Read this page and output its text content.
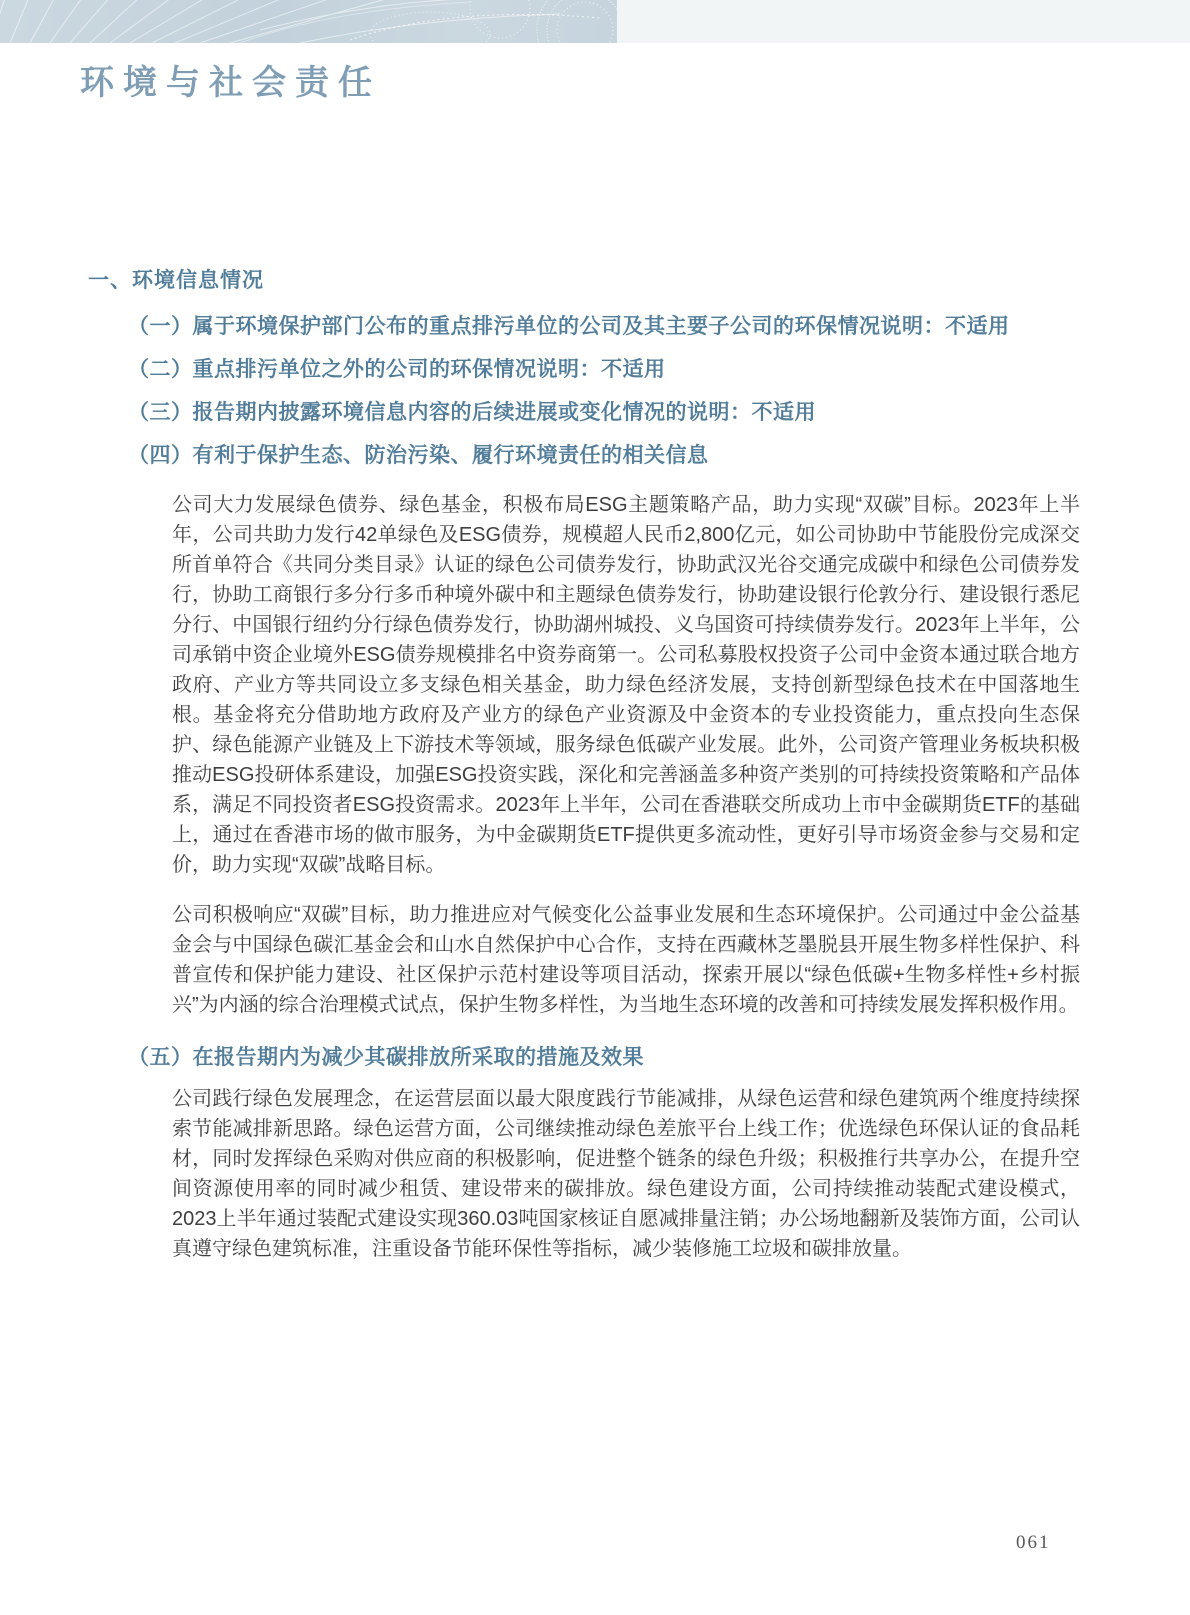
环境与社会责任
一、环境信息情况
（一）属于环境保护部门公布的重点排污单位的公司及其主要子公司的环保情况说明：不适用
（二）重点排污单位之外的公司的环保情况说明：不适用
（三）报告期内披露环境信息内容的后续进展或变化情况的说明：不适用
（四）有利于保护生态、防治污染、履行环境责任的相关信息

公司大力发展绿色债券、绿色基金，积极布局ESG主题策略产品，助力实现“双碳”目标。2023年上半年，公司共助力发行42单绿色及ESG债券，规模超人民币2,800亿元，如公司协助中节能股份完成深交所首单符合《共同分类目录》认证的绿色公司债券发行，协助武汉光谷交通完成碳中和绿色公司债券发行，协助工商银行多分行多币种境外碳中和主题绿色债券发行，协助建设银行伦敦分行、建设银行悉尼分行、中国银行纽约分行绿色债券发行，协助湖州城投、义乌国资可持续债券发行。2023年上半年，公司承销中资企业境外ESG债券规模排名中资券商第一。公司私募股权投资子公司中金资本通过联合地方政府、产业方等共同设立多支绿色相关基金，助力绿色经济发展，支持创新型绿色技术在中国落地生根。基金将充分借助地方政府及产业方的绿色产业资源及中金资本的专业投资能力，重点投向生态保护、绿色能源产业链及上下游技术等领域，服务绿色低碳产业发展。此外，公司资产管理业务板块积极推动ESG投研体系建设，加强ESG投资实践，深化和完善涵盖多种资产类别的可持续投资策略和产品体系，满足不同投资者ESG投资需求。2023年上半年，公司在香港联交所成功上市中金碳期货ETF的基础上，通过在香港市场的做市服务，为中金碳期货ETF提供更多流动性，更好引导市场资金参与交易和定价，助力实现“双碳”战略目标。

公司积极响应“双碳”目标，助力推进应对气候变化公益事业发展和生态环境保护。公司通过中金公益基金会与中国绿色碳汇基金会和山水自然保护中心合作，支持在西藏林芝墨脱县开展生物多样性保护、科普宣传和保护能力建设、社区保护示范村建设等项目活动，探索开展以“绿色低碳+生物多样性+乡村振兴”为内涵的综合治理模式试点，保护生物多样性，为当地生态环境的改善和可持续发展发挥积极作用。

（五）在报告期内为减少其碳排放所采取的措施及效果

公司践行绿色发展理念，在运营层面以最大限度践行节能减排，从绿色运营和绿色建筑两个维度持续探索节能减排新思路。绿色运营方面，公司继续推动绿色差旅平台上线工作；优选绿色环保认证的食品耗材，同时发挥绿色采购对供应商的积极影响，促进整个链条的绿色升级；积极推行共享办公，在提升空间资源使用率的同时减少租赁、建设带来的碳排放。绿色建设方面，公司持续推动装配式建设模式，2023上半年通过装配式建设实现360.03吨国家核证自愿减排量注销；办公场地翻新及装饰方面，公司认真遵守绿色建筑标准，注重设备节能环保性等指标，减少装修施工垃圾和碳排放量。

061
